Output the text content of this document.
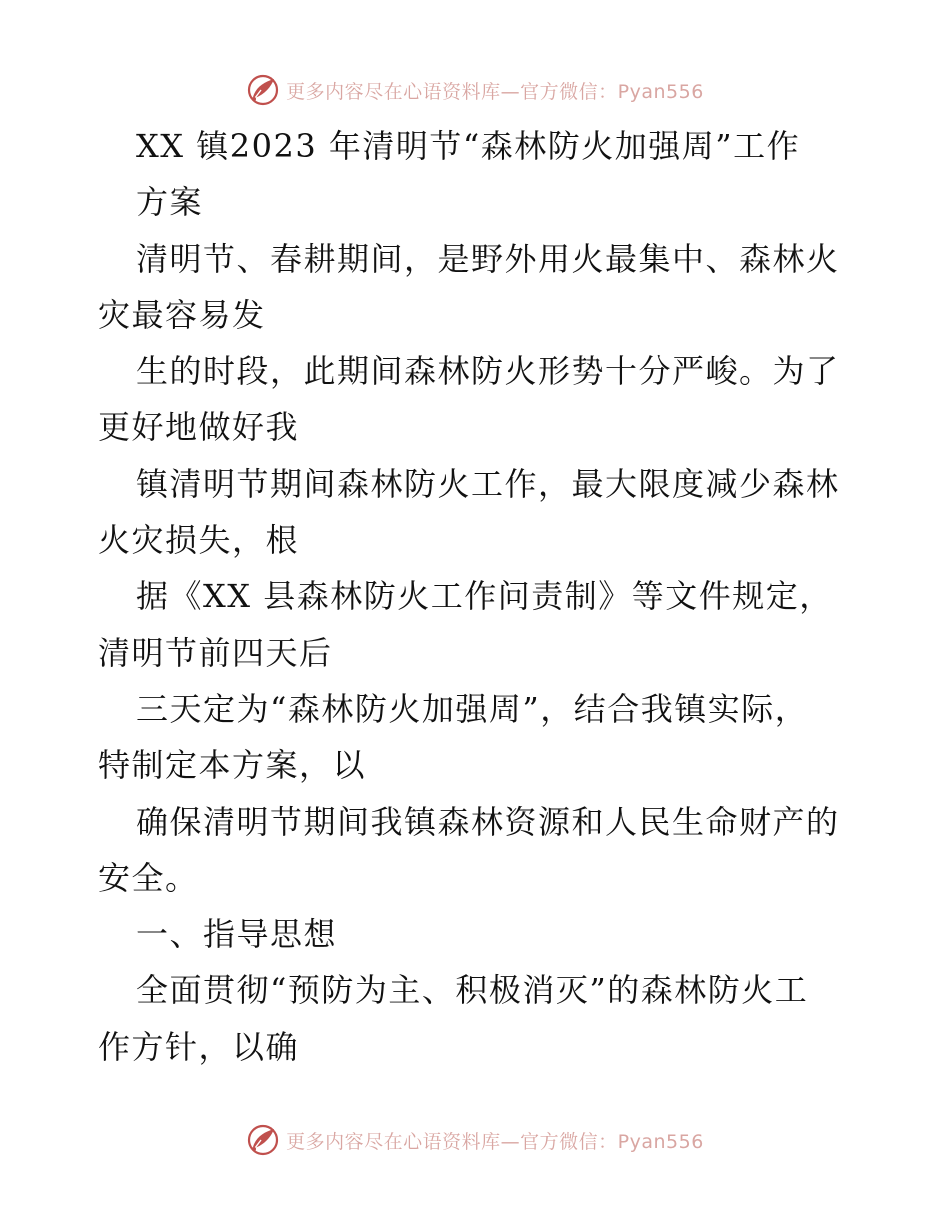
更多内容尽在心语资料库—官方微信：Pyan556
XX 镇2023 年清明节“森林防火加强周”工作
方案
清明节、春耕期间，是野外用火最集中、森林火
灾最容易发
生的时段，此期间森林防火形势十分严峻。为了
更好地做好我
镇清明节期间森林防火工作，最大限度减少森林
火灾损失，根
据《XX 县森林防火工作问责制》等文件规定，
清明节前四天后
三天定为“森林防火加强周”，结合我镇实际，
特制定本方案，以
确保清明节期间我镇森林资源和人民生命财产的
安全。
一、指导思想
全面贯彻“预防为主、积极消灭”的森林防火工
作方针，以确
更多内容尽在心语资料库—官方微信：Pyan556
